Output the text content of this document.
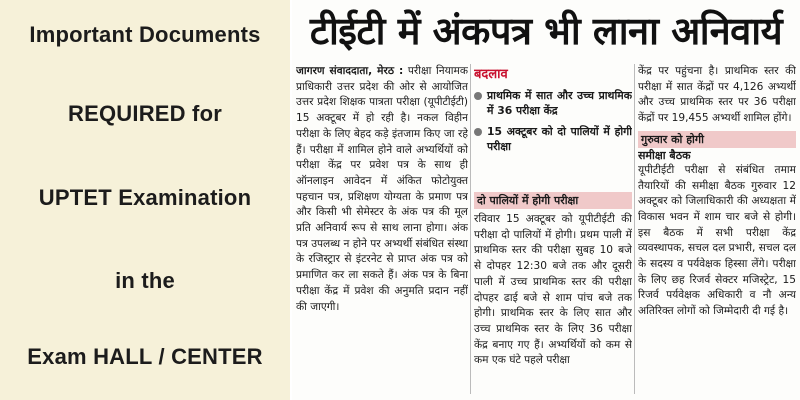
Important Documents
REQUIRED for
UPTET Examination
in the
Exam HALL / CENTER
टीईटी में अंकपत्र भी लाना अनिवार्य
जागरण संवाददाता, मेरठ : परीक्षा नियामक प्राधिकारी उत्तर प्रदेश की ओर से आयोजित उत्तर प्रदेश शिक्षक पात्रता परीक्षा (यूपीटीईटी) 15 अक्टूबर में हो रही है। नकल विहीन परीक्षा के लिए बेहद कड़े इंतजाम किए जा रहे हैं। परीक्षा में शामिल होने वाले अभ्यर्थियों को परीक्षा केंद्र पर प्रवेश पत्र के साथ ही ऑनलाइन आवेदन में अंकित फोटोयुक्त पहचान पत्र, प्रशिक्षण योग्यता के प्रमाण पत्र और किसी भी सेमेस्टर के अंक पत्र की मूल प्रति अनिवार्य रूप से साथ लाना होगा। अंक पत्र उपलब्ध न होने पर अभ्यर्थी संबंधित संस्था के रजिस्ट्रार से इंटरनेट से प्राप्त अंक पत्र को प्रमाणित कर ला सकते हैं। अंक पत्र के बिना परीक्षा केंद्र में प्रवेश की अनुमति प्रदान नहीं की जाएगी।
बदलाव
प्राथमिक में सात और उच्च प्राथमिक में 36 परीक्षा केंद्र
15 अक्टूबर को दो पालियों में होगी परीक्षा
दो पालियों में होगी परीक्षा
रविवार 15 अक्टूबर को यूपीटीईटी की परीक्षा दो पालियों में होगी। प्रथम पाली में प्राथमिक स्तर की परीक्षा सुबह 10 बजे से दोपहर 12:30 बजे तक और दूसरी पाली में उच्च प्राथमिक स्तर की परीक्षा दोपहर ढाई बजे से शाम पांच बजे तक होगी। प्राथमिक स्तर के लिए सात और उच्च प्राथमिक स्तर के लिए 36 परीक्षा केंद्र बनाए गए हैं। अभ्यर्थियों को कम से कम एक घंटे पहले परीक्षा
केंद्र पर पहुंचना है। प्राथमिक स्तर की परीक्षा में सात केंद्रों पर 4,126 अभ्यर्थी और उच्च प्राथमिक स्तर पर 36 परीक्षा केंद्रों पर 19,455 अभ्यर्थी शामिल होंगे।
गुरुवार को होगी
समीक्षा बैठक
यूपीटीईटी परीक्षा से संबंधित तमाम तैयारियों की समीक्षा बैठक गुरुवार 12 अक्टूबर को जिलाधिकारी की अध्यक्षता में विकास भवन में शाम चार बजे से होगी। इस बैठक में सभी परीक्षा केंद्र व्यवस्थापक, सचल दल प्रभारी, सचल दल के सदस्य व पर्यवेक्षक हिस्सा लेंगे। परीक्षा के लिए छह रिजर्व सेक्टर मजिस्ट्रेट, 15 रिजर्व पर्यवेक्षक अधिकारी व नौ अन्य अतिरिक्त लोगों को जिम्मेदारी दी गई है।
